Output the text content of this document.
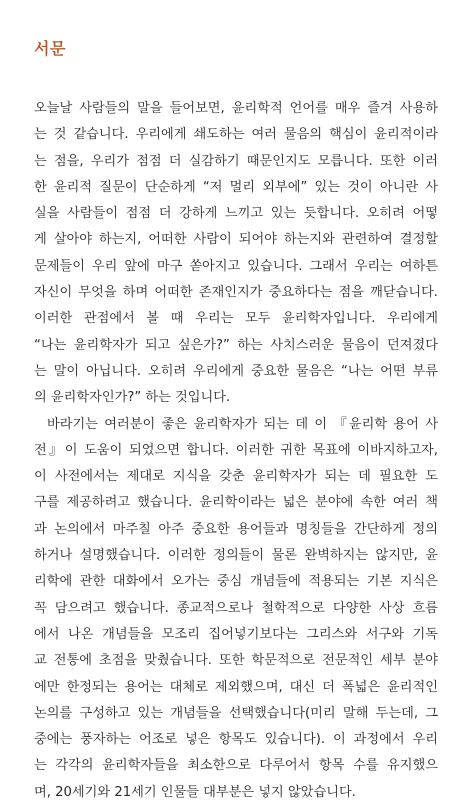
서문
오늘날 사람들의 말을 들어보면, 윤리학적 언어를 매우 즐겨 사용하
는 것 같습니다. 우리에게 쇄도하는 여러 물음의 핵심이 윤리적이라
는 점을, 우리가 점점 더 실감하기 때문인지도 모릅니다. 또한 이러
한 윤리적 질문이 단순하게 “저 멀리 외부에” 있는 것이 아니란 사
실을 사람들이 점점 더 강하게 느끼고 있는 듯합니다. 오히려 어떻
게 살아야 하는지, 어떠한 사람이 되어야 하는지와 관련하여 결정할
문제들이 우리 앞에 마구 쏟아지고 있습니다. 그래서 우리는 여하튼
자신이 무엇을 하며 어떠한 존재인지가 중요하다는 점을 깨닫습니다.
이러한 관점에서 볼 때 우리는 모두 윤리학자입니다. 우리에게
“나는 윤리학자가 되고 싶은가?” 하는 사치스러운 물음이 던져졌다
는 말이 아닙니다. 오히려 우리에게 중요한 물음은 “나는 어떤 부류
의 윤리학자인가?” 하는 것입니다.
바라기는 여러분이 좋은 윤리학자가 되는 데 이 『윤리학 용어 사
전』이 도움이 되었으면 합니다. 이러한 귀한 목표에 이바지하고자,
이 사전에서는 제대로 지식을 갖춘 윤리학자가 되는 데 필요한 도
구를 제공하려고 했습니다. 윤리학이라는 넓은 분야에 속한 여러 책
과 논의에서 마주칠 아주 중요한 용어들과 명칭들을 간단하게 정의
하거나 설명했습니다. 이러한 정의들이 물론 완벽하지는 않지만, 윤
리학에 관한 대화에서 오가는 중심 개념들에 적용되는 기본 지식은
꼭 담으려고 했습니다. 종교적으로나 철학적으로 다양한 사상 흐름
에서 나온 개념들을 모조리 집어넣기보다는 그리스와 서구와 기독
교 전통에 초점을 맞췄습니다. 또한 학문적으로 전문적인 세부 분야
에만 한정되는 용어는 대체로 제외했으며, 대신 더 폭넓은 윤리적인
논의를 구성하고 있는 개념들을 선택했습니다(미리 말해 두는데, 그
중에는 풍자하는 어조로 넣은 항목도 있습니다). 이 과정에서 우리
는 각각의 윤리학자들을 최소한으로 다루어서 항목 수를 유지했으
며, 20세기와 21세기 인물들 대부분은 넣지 않았습니다.
